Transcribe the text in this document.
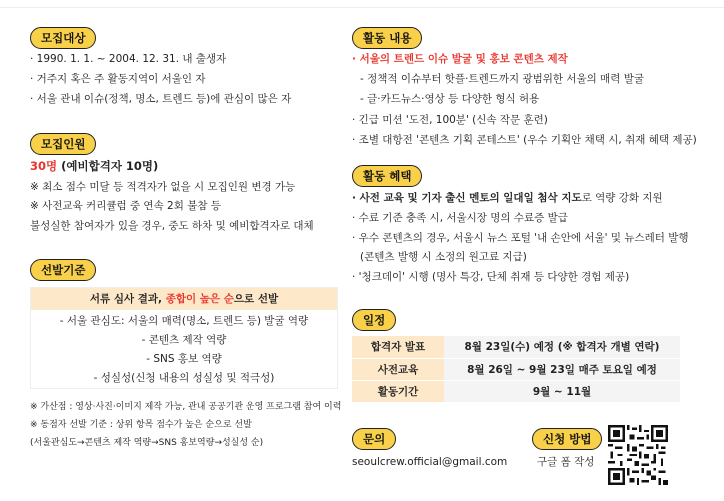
모집대상
· 1990. 1. 1. ~ 2004. 12. 31. 내 출생자
· 거주지 혹은 주 활동지역이 서울인 자
· 서울 관내 이슈(정책, 명소, 트렌드 등)에 관심이 많은 자
모집인원
30명 (예비합격자 10명)
※ 최소 점수 미달 등 적격자가 없을 시 모집인원 변경 가능
※ 사전교육 커리큘럼 중 연속 2회 불참 등
불성실한 참여자가 있을 경우, 중도 하차 및 예비합격자로 대체
선발기준
서류 심사 결과, 종합이 높은 순으로 선발
- 서울 관심도: 서울의 매력(명소, 트렌드 등) 발굴 역량
- 콘텐츠 제작 역량
- SNS 홍보 역량
- 성실성(신청 내용의 성실성 및 적극성)
※ 가산점 : 영상·사진·이미지 제작 가능, 관내 공공기관 운영 프로그램 참여 이력
※ 동점자 선발 기준 : 상위 항목 점수가 높은 순으로 선발
(서울관심도→콘텐츠 제작 역량→SNS 홍보역량→성실성 순)
활동 내용
· 서울의 트렌드 이슈 발굴 및 홍보 콘텐츠 제작
- 정책적 이슈부터 핫플·트렌드까지 광범위한 서울의 매력 발굴
- 글·카드뉴스·영상 등 다양한 형식 허용
· 긴급 미션 '도전, 100분' (신속 작문 훈련)
· 조별 대항전 '콘텐츠 기획 콘테스트' (우수 기획안 채택 시, 취재 혜택 제공)
활동 혜택
· 사전 교육 및 기자 출신 멘토의 일대일 첨삭 지도로 역량 강화 지원
· 수료 기준 충족 시, 서울시장 명의 수료증 발급
· 우수 콘텐츠의 경우, 서울시 뉴스 포털 '내 손안에 서울' 및 뉴스레터 발행
(콘텐츠 발행 시 소정의 원고료 지급)
· '청크데이' 시행 (명사 특강, 단체 취재 등 다양한 경험 제공)
일정
합격자 발표	8월 23일(수) 예정 (※ 합격자 개별 연락)
사전교육	8월 26일 ~ 9월 23일 매주 토요일 예정
활동기간	9월 ~ 11월
문의
seoulcrew.official@gmail.com
신청 방법
구글 폼 작성
